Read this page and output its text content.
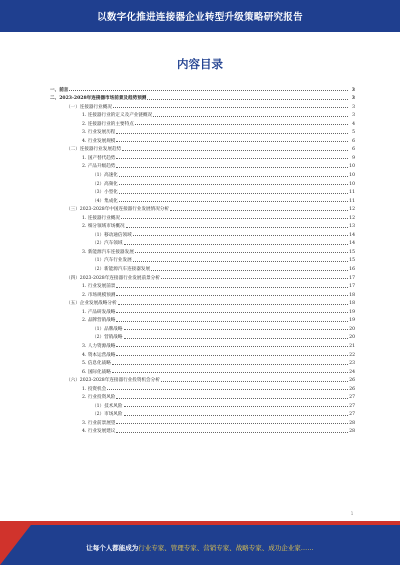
以数字化推进连接器企业转型升级策略研究报告
内容目录
一、前言	3
二、2023-2028年连接器市场前景及趋势预测	3
（一）连接器行业概况	3
1. 连接器行业的定义及产业链概况	3
2. 连接器行业的主要特点	4
3. 行业发展历程	5
4. 行业发展规模	6
（二）连接器行业发展趋势	6
1. 国产替代趋势	9
2. 产品升级趋势	10
（1）高速化	10
（2）高频化	10
（3）小型化	11
（4）集成化	11
（三）2023-2028年中国连接器行业发展情况分析	12
1. 连接器行业概况	12
2. 细分领域市场概况	13
（1）移动通信领域	14
（2）汽车领域	14
3. 新能源汽车连接器发展	15
（1）汽车行业发展	15
（2）新能源汽车连接器发展	16
（四）2023-2028年连接器行业发展前景分析	17
1. 行业发展前景	17
2. 市场规模预测	18
（五）企业发展战略分析	18
1. 产品研发战略	19
2. 品牌营销战略	19
（1）品牌战略	20
（2）营销战略	20
3. 人力资源战略	21
4. 资本运营战略	22
5. 信息化战略	23
6. 国际化战略	24
（六）2023-2028年连接器行业投资机会分析	26
1. 投资机会	26
2. 行业投资风险	27
（1）技术风险	27
（2）市场风险	27
3. 行业前景展望	28
4. 行业发展建议	28
1
让每个人都能成为行业专家、管理专家、营销专家、战略专家、成功企业家……
